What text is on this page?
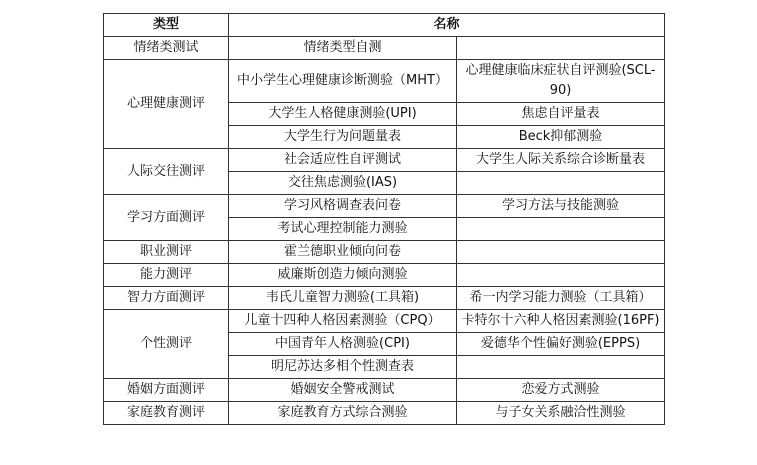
类型	名称	
情绪类测试	情绪类型自测	
心理健康测评	中小学生心理健康诊断测验（MHT）	心理健康临床症状自评测验(SCL-90)
	大学生人格健康测验(UPI)	焦虑自评量表
	大学生行为问题量表	Beck抑郁测验
人际交往测评	社会适应性自评测试	大学生人际关系综合诊断量表
	交往焦虑测验(IAS)	
学习方面测评	学习风格调查表问卷	学习方法与技能测验
	考试心理控制能力测验	
职业测评	霍兰德职业倾向问卷	
能力测评	威廉斯创造力倾向测验	
智力方面测评	韦氏儿童智力测验(工具箱)	希一内学习能力测验（工具箱）
个性测评	儿童十四种人格因素测验（CPQ）	卡特尔十六种人格因素测验(16PF)
	中国青年人格测验(CPI)	爱德华个性偏好测验(EPPS)
	明尼苏达多相个性测查表	
婚姻方面测评	婚姻安全警戒测试	恋爱方式测验
家庭教育测评	家庭教育方式综合测验	与子女关系融洽性测验
